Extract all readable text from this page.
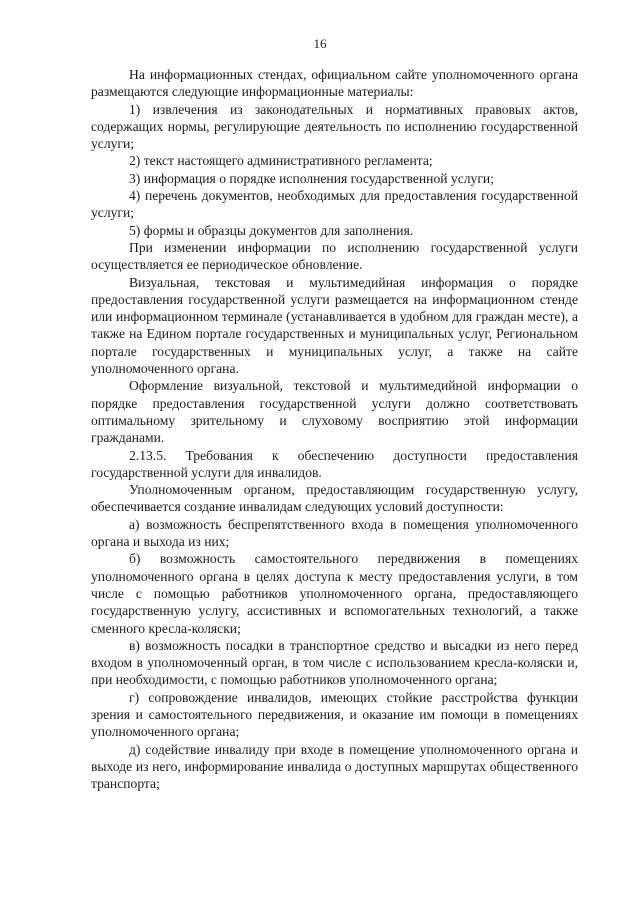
16

На информационных стендах, официальном сайте уполномоченного органа размещаются следующие информационные материалы:

1) извлечения из законодательных и нормативных правовых актов, содержащих нормы, регулирующие деятельность по исполнению государственной услуги;

2) текст настоящего административного регламента;

3) информация о порядке исполнения государственной услуги;

4) перечень документов, необходимых для предоставления государственной услуги;

5) формы и образцы документов для заполнения.

При изменении информации по исполнению государственной услуги осуществляется ее периодическое обновление.

Визуальная, текстовая и мультимедийная информация о порядке предоставления государственной услуги размещается на информационном стенде или информационном терминале (устанавливается в удобном для граждан месте), а также на Едином портале государственных и муниципальных услуг, Региональном портале государственных и муниципальных услуг, а также на сайте уполномоченного органа.

Оформление визуальной, текстовой и мультимедийной информации о порядке предоставления государственной услуги должно соответствовать оптимальному зрительному и слуховому восприятию этой информации гражданами.

2.13.5. Требования к обеспечению доступности предоставления государственной услуги для инвалидов.

Уполномоченным органом, предоставляющим государственную услугу, обеспечивается создание инвалидам следующих условий доступности:

а) возможность беспрепятственного входа в помещения уполномоченного органа и выхода из них;

б) возможность самостоятельного передвижения в помещениях уполномоченного органа в целях доступа к месту предоставления услуги, в том числе с помощью работников уполномоченного органа, предоставляющего государственную услугу, ассистивных и вспомогательных технологий, а также сменного кресла-коляски;

в) возможность посадки в транспортное средство и высадки из него перед входом в уполномоченный орган, в том числе с использованием кресла-коляски и, при необходимости, с помощью работников уполномоченного органа;

г) сопровождение инвалидов, имеющих стойкие расстройства функции зрения и самостоятельного передвижения, и оказание им помощи в помещениях уполномоченного органа;

д) содействие инвалиду при входе в помещение уполномоченного органа и выходе из него, информирование инвалида о доступных маршрутах общественного транспорта;
